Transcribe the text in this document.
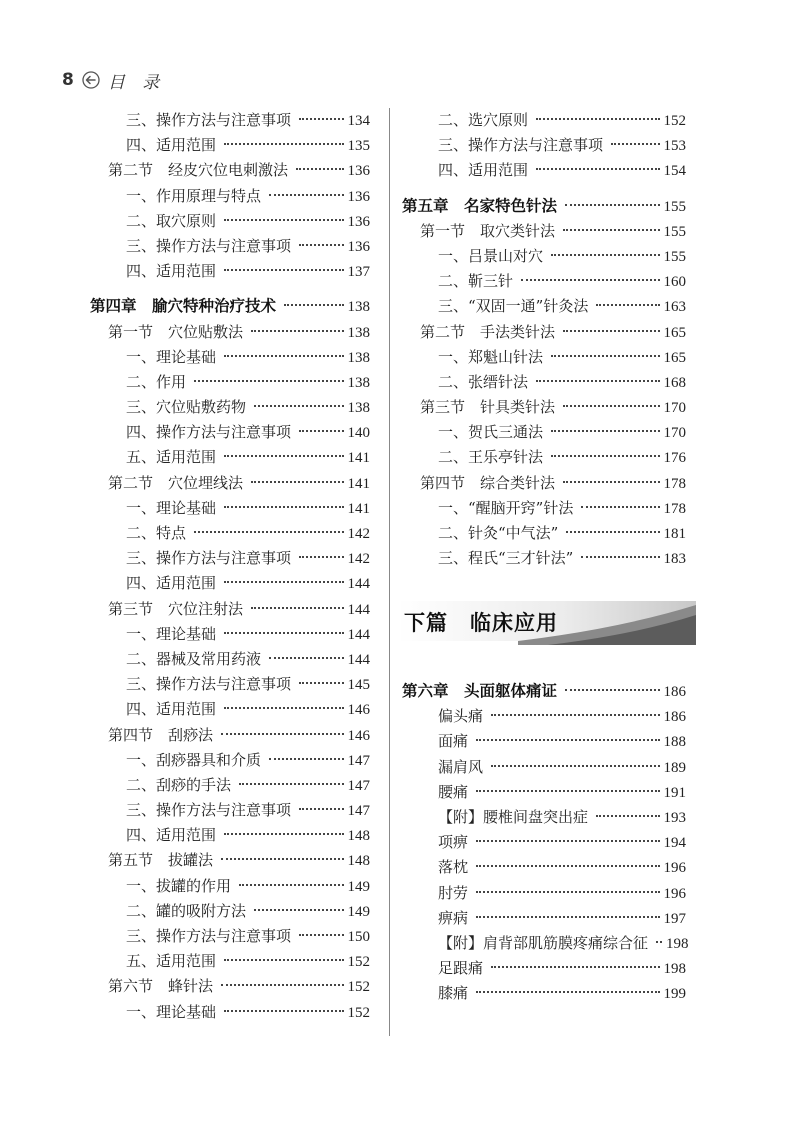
8 目 录
三、操作方法与注意事项	134
四、适用范围	135
第二节　经皮穴位电刺激法	136
一、作用原理与特点	136
二、取穴原则	136
三、操作方法与注意事项	136
四、适用范围	137
第四章　腧穴特种治疗技术	138
第一节　穴位贴敷法	138
一、理论基础	138
二、作用	138
三、穴位贴敷药物	138
四、操作方法与注意事项	140
五、适用范围	141
第二节　穴位埋线法	141
一、理论基础	141
二、特点	142
三、操作方法与注意事项	142
四、适用范围	144
第三节　穴位注射法	144
一、理论基础	144
二、器械及常用药液	144
三、操作方法与注意事项	145
四、适用范围	146
第四节　刮痧法	146
一、刮痧器具和介质	147
二、刮痧的手法	147
三、操作方法与注意事项	147
四、适用范围	148
第五节　拔罐法	148
一、拔罐的作用	149
二、罐的吸附方法	149
三、操作方法与注意事项	150
五、适用范围	152
第六节　蜂针法	152
一、理论基础	152
二、选穴原则	152
三、操作方法与注意事项	153
四、适用范围	154
第五章　名家特色针法	155
第一节　取穴类针法	155
一、吕景山对穴	155
二、靳三针	160
三、“双固一通”针灸法	163
第二节　手法类针法	165
一、郑魁山针法	165
二、张缙针法	168
第三节　针具类针法	170
一、贺氏三通法	170
二、王乐亭针法	176
第四节　综合类针法	178
一、“醒脑开窍”针法	178
二、针灸“中气法”	181
三、程氏“三才针法”	183
下篇　临床应用
第六章　头面躯体痛证	186
偏头痛	186
面痛	188
漏肩风	189
腰痛	191
【附】腰椎间盘突出症	193
项痹	194
落枕	196
肘劳	196
痹病	197
【附】肩背部肌筋膜疼痛综合征 198
足跟痛	198
膝痛	199
